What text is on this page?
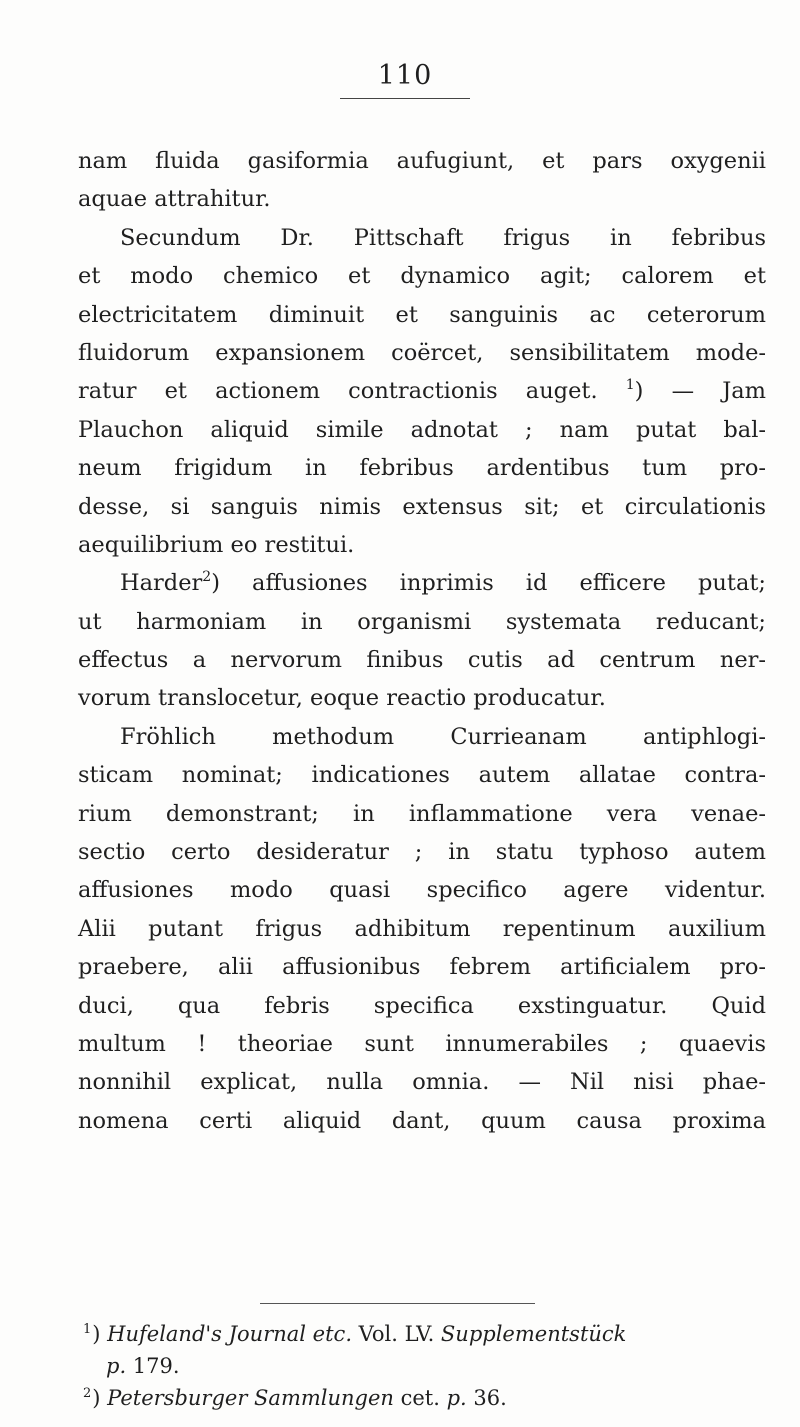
110
nam fluida gasiformia aufugiunt, et pars oxygenii
aquae attrahitur.
Secundum Dr. Pittschaft frigus in febribus
et modo chemico et dynamico agit; calorem et
electricitatem diminuit et sanguinis ac ceterorum
fluidorum expansionem coërcet, sensibilitatem mode-
ratur et actionem contractionis auget. $^1$) — Jam
Plauchon aliquid simile adnotat ; nam putat bal-
neum frigidum in febribus ardentibus tum pro-
desse, si sanguis nimis extensus sit; et circulationis
aequilibrium eo restitui.
Harder$^2$) affusiones inprimis id efficere putat;
ut harmoniam in organismi systemata reducant;
effectus a nervorum finibus cutis ad centrum ner-
vorum translocetur, eoque reactio producatur.
Fröhlich methodum Currieanam antiphlogi-
sticam nominat; indicationes autem allatae contra-
rium demonstrant; in inflammatione vera venae-
sectio certo desideratur ; in statu typhoso autem
affusiones modo quasi specifico agere videntur.
Alii putant frigus adhibitum repentinum auxilium
praebere, alii affusionibus febrem artificialem pro-
duci, qua febris specifica exstinguatur. Quid
multum ! theoriae sunt innumerabiles ; quaevis
nonnihil explicat, nulla omnia. — Nil nisi phae-
nomena certi aliquid dant, quum causa proxima
$^1$) Hufeland's Journal etc. Vol. LV. Supplementstück
p. 179.
$^2$) Petersburger Sammlungen cet. p. 36.
